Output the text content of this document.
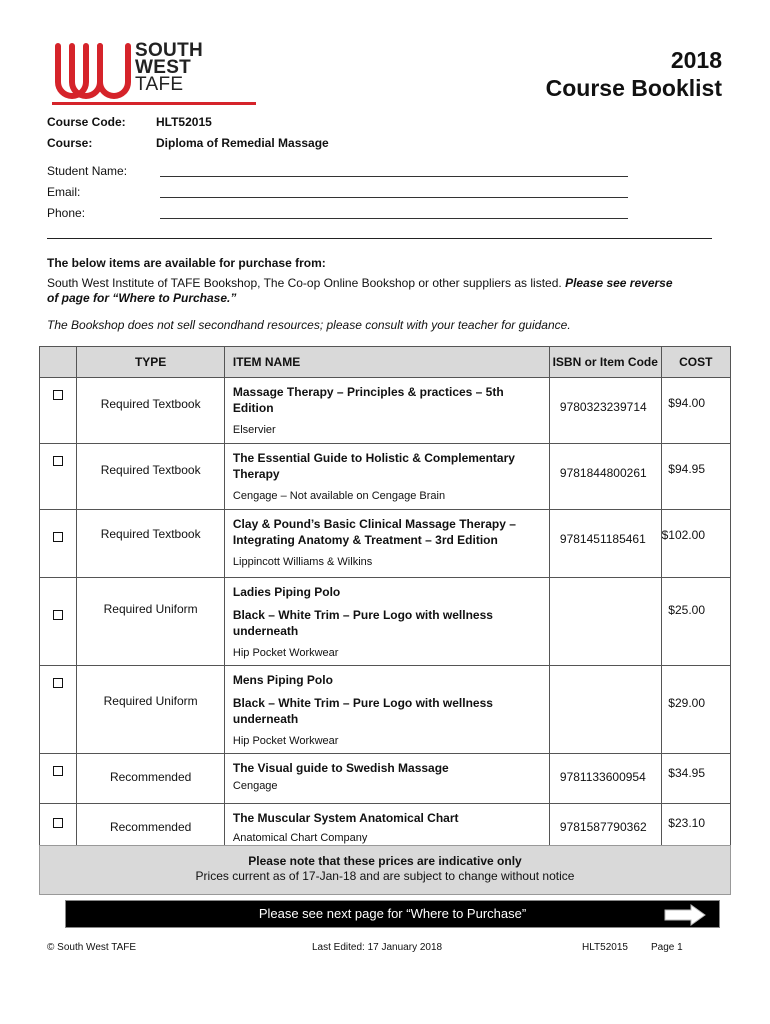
SOUTH
WEST
TAFE
2018
Course Booklist
Course Code:	HLT52015
Course:	Diploma of Remedial Massage
Student Name:
Email:
Phone:
The below items are available for purchase from:
South West Institute of TAFE Bookshop, The Co-op Online Bookshop or other suppliers as listed. Please see reverse
of page for “Where to Purchase.”
The Bookshop does not sell secondhand resources; please consult with your teacher for guidance.
	TYPE	ITEM NAME	ISBN or Item Code	COST
	Required Textbook	Massage Therapy – Principles & practices – 5th Edition
Elservier	9780323239714	$94.00
	Required Textbook	The Essential Guide to Holistic & Complementary Therapy
Cengage – Not available on Cengage Brain	9781844800261	$94.95
	Required Textbook	Clay & Pound’s Basic Clinical Massage Therapy – Integrating Anatomy & Treatment – 3rd Edition
Lippincott Williams & Wilkins	9781451185461	$102.00
	Required Uniform	Ladies Piping Polo
Black – White Trim – Pure Logo with wellness underneath
Hip Pocket Workwear		$25.00
	Required Uniform	Mens Piping Polo
Black – White Trim – Pure Logo with wellness underneath
Hip Pocket Workwear		$29.00
	Recommended	The Visual guide to Swedish Massage
Cengage	9781133600954	$34.95
	Recommended	The Muscular System Anatomical Chart
Anatomical Chart Company	9781587790362	$23.10
Please note that these prices are indicative only
Prices current as of 17-Jan-18 and are subject to change without notice
Please see next page for “Where to Purchase”
© South West TAFE	Last Edited: 17 January 2018	HLT52015 Page 1
